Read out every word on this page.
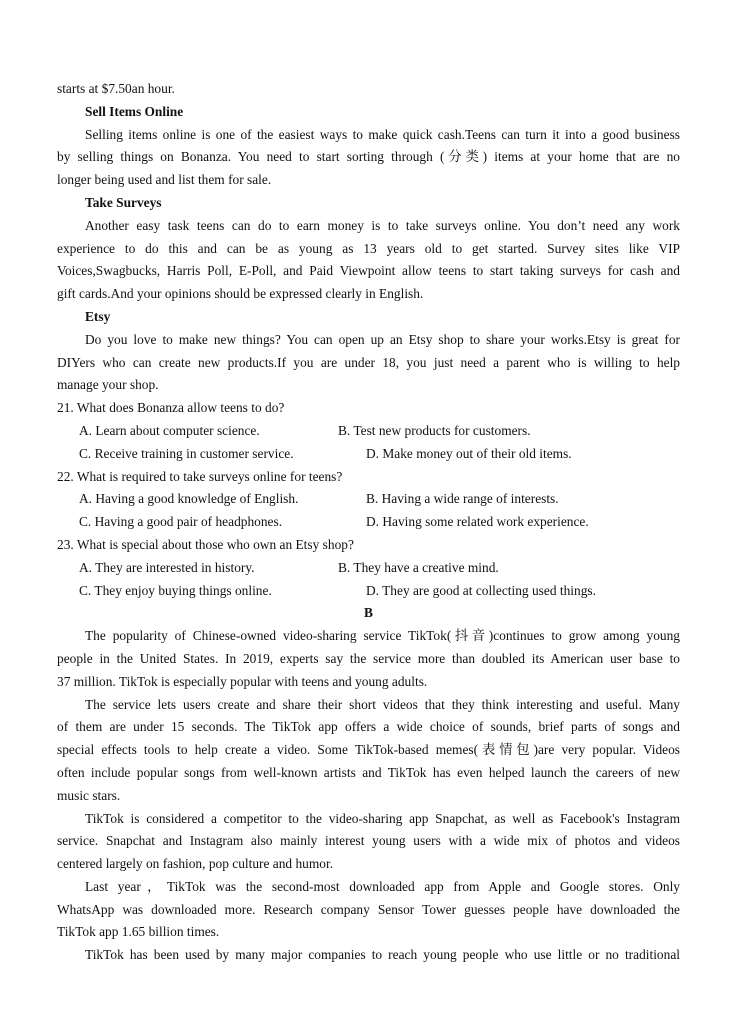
starts at $7.50an hour.
Sell Items Online
Selling items online is one of the easiest ways to make quick cash.Teens can turn it into a good business
by selling things on Bonanza. You need to start sorting through (分类) items at your home that are no
longer being used and list them for sale.
Take Surveys
Another easy task teens can do to earn money is to take surveys online. You don’t need any work
experience to do this and can be as young as 13 years old to get started. Survey sites like VIP
Voices,Swagbucks, Harris Poll, E-Poll, and Paid Viewpoint allow teens to start taking surveys for cash and
gift cards.And your opinions should be expressed clearly in English.
Etsy
Do you love to make new things? You can open up an Etsy shop to share your works.Etsy is great for
DIYers who can create new products.If you are under 18, you just need a parent who is willing to help
manage your shop.
21. What does Bonanza allow teens to do?
A. Learn about computer science.	B. Test new products for customers.
C. Receive training in customer service.	D. Make money out of their old items.
22. What is required to take surveys online for teens?
A. Having a good knowledge of English.	B. Having a wide range of interests.
C. Having a good pair of headphones.	D. Having some related work experience.
23. What is special about those who own an Etsy shop?
A. They are interested in history.	B. They have a creative mind.
C. They enjoy buying things online.	D. They are good at collecting used things.
B
The popularity of Chinese-owned video-sharing service TikTok(抖音)continues to grow among young
people in the United States. In 2019, experts say the service more than doubled its American user base to
37 million. TikTok is especially popular with teens and young adults.
The service lets users create and share their short videos that they think interesting and useful. Many
of them are under 15 seconds. The TikTok app offers a wide choice of sounds, brief parts of songs and
special effects tools to help create a video. Some TikTok-based memes(表情包)are very popular. Videos
often include popular songs from well-known artists and TikTok has even helped launch the careers of new
music stars.
TikTok is considered a competitor to the video-sharing app Snapchat, as well as Facebook's Instagram
service. Snapchat and Instagram also mainly interest young users with a wide mix of photos and videos
centered largely on fashion, pop culture and humor.
Last year，TikTok was the second-most downloaded app from Apple and Google stores. Only
WhatsApp was downloaded more. Research company Sensor Tower guesses people have downloaded the
TikTok app 1.65 billion times.
TikTok has been used by many major companies to reach young people who use little or no traditional
